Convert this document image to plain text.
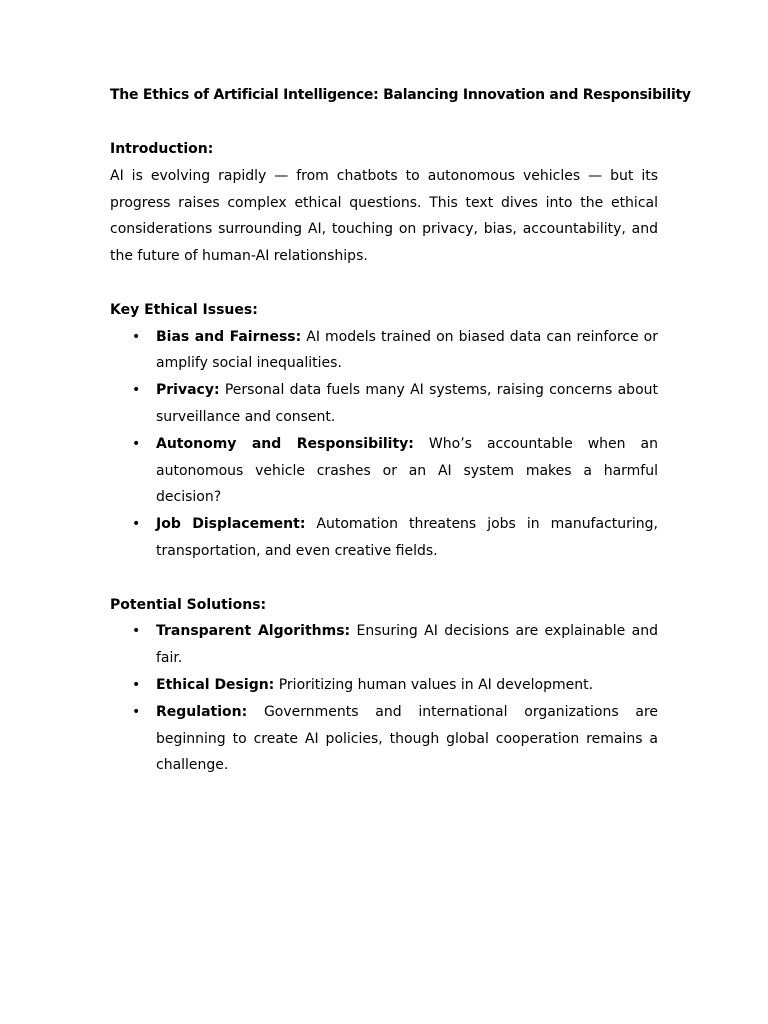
The Ethics of Artificial Intelligence: Balancing Innovation and Responsibility
Introduction:

AI is evolving rapidly — from chatbots to autonomous vehicles — but its progress raises complex ethical questions. This text dives into the ethical considerations surrounding AI, touching on privacy, bias, accountability, and the future of human-AI relationships.

Key Ethical Issues:
• Bias and Fairness: AI models trained on biased data can reinforce or amplify social inequalities.
• Privacy: Personal data fuels many AI systems, raising concerns about surveillance and consent.
• Autonomy and Responsibility: Who’s accountable when an autonomous vehicle crashes or an AI system makes a harmful decision?
• Job Displacement: Automation threatens jobs in manufacturing, transportation, and even creative fields.
Potential Solutions:
• Transparent Algorithms: Ensuring AI decisions are explainable and fair.
• Ethical Design: Prioritizing human values in AI development.
• Regulation: Governments and international organizations are beginning to create AI policies, though global cooperation remains a challenge.
